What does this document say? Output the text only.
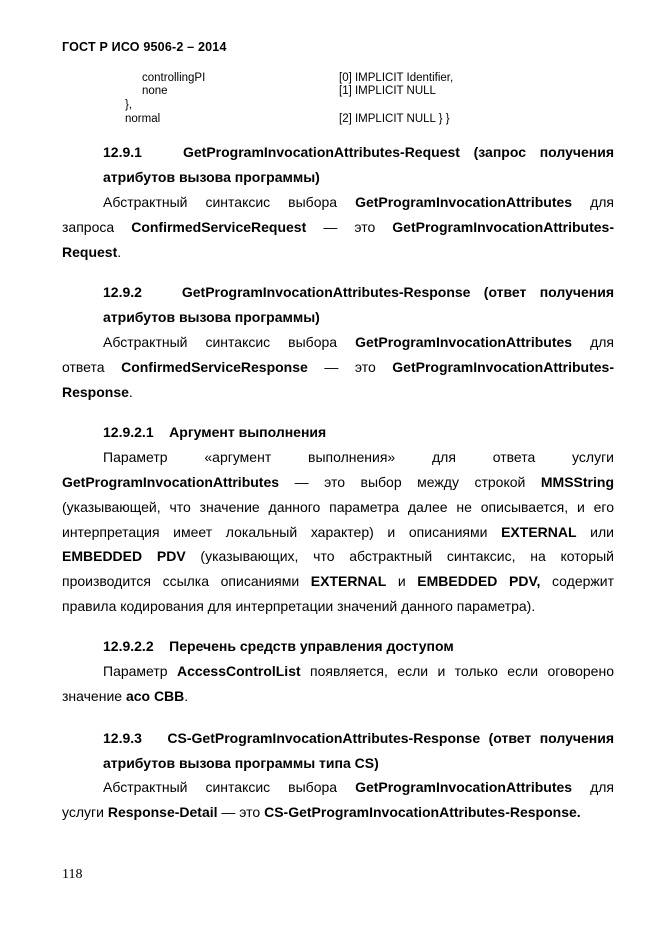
ГОСТ Р ИСО 9506-2 – 2014
controllingPI	[0] IMPLICIT Identifier,
none	[1] IMPLICIT NULL
},
normal	[2] IMPLICIT NULL } }
12.9.1	GetProgramInvocationAttributes-Request (запрос получения
атрибутов вызова программы)
Абстрактный синтаксис выбора GetProgramInvocationAttributes для
запроса ConfirmedServiceRequest — это GetProgramInvocationAttributes-
Request.
12.9.2	GetProgramInvocationAttributes-Response (ответ получения
атрибутов вызова программы)
Абстрактный синтаксис выбора GetProgramInvocationAttributes для
ответа ConfirmedServiceResponse — это GetProgramInvocationAttributes-
Response.
12.9.2.1 Аргумент выполнения
Параметр «аргумент выполнения» для ответа услуги
GetProgramInvocationAttributes — это выбор между строкой MMSString
(указывающей, что значение данного параметра далее не описывается, и его
интерпретация имеет локальный характер) и описаниями EXTERNAL или
EMBEDDED PDV (указывающих, что абстрактный синтаксис, на который
производится ссылка описаниями EXTERNAL и EMBEDDED PDV, содержит
правила кодирования для интерпретации значений данного параметра).
12.9.2.2 Перечень средств управления доступом
Параметр AccessControlList появляется, если и только если оговорено
значение aco CBB.
12.9.3 CS-GetProgramInvocationAttributes-Response (ответ получения
атрибутов вызова программы типа CS)
Абстрактный синтаксис выбора GetProgramInvocationAttributes для
услуги Response-Detail — это CS-GetProgramInvocationAttributes-Response.
118
